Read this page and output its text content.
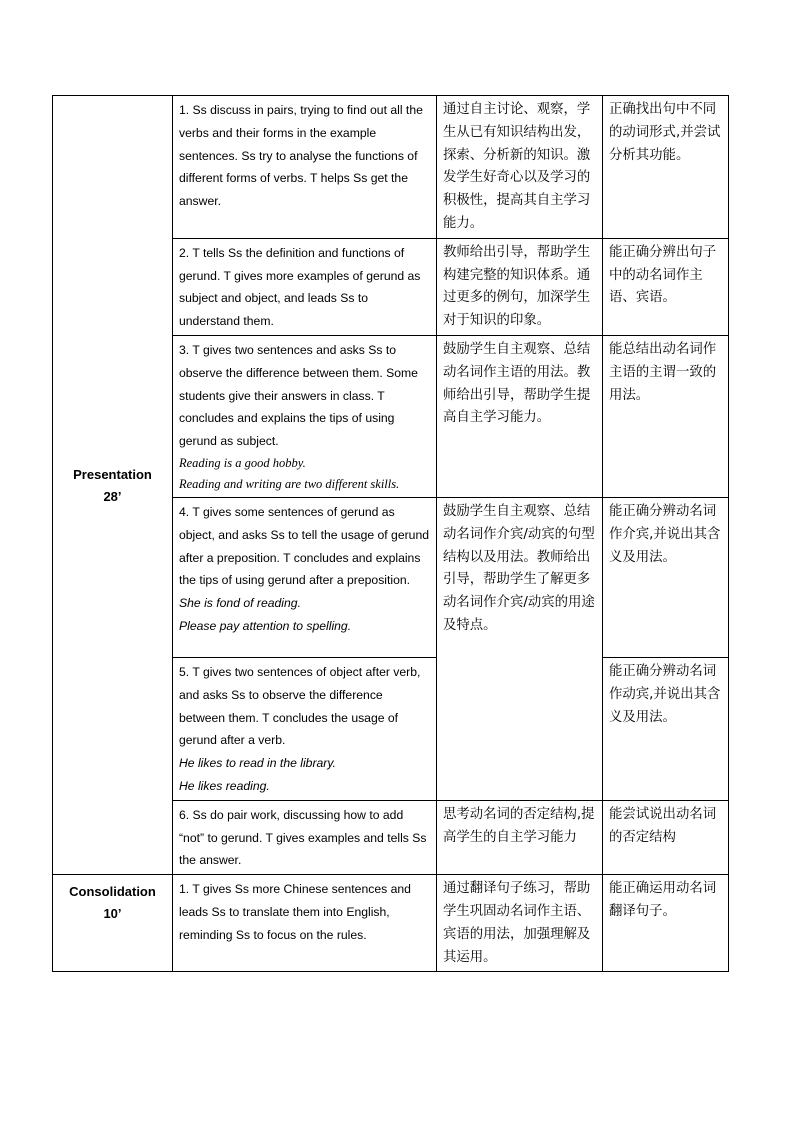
Presentation
28’	1. Ss discuss in pairs, trying to find out all the verbs and their forms in the example sentences. Ss try to analyse the functions of different forms of verbs. T helps Ss get the answer.	通过自主讨论、观察，学生从已有知识结构出发，探索、分析新的知识。激发学生好奇心以及学习的积极性，提高其自主学习能力。	正确找出句中不同的动词形式,并尝试分析其功能。
	2. T tells Ss the definition and functions of gerund. T gives more examples of gerund as subject and object, and leads Ss to understand them.	教师给出引导，帮助学生构建完整的知识体系。通过更多的例句，加深学生对于知识的印象。	能正确分辨出句子中的动名词作主语、宾语。
	3. T gives two sentences and asks Ss to observe the difference between them. Some students give their answers in class. T concludes and explains the tips of using gerund as subject.
Reading is a good hobby.
Reading and writing are two different skills.	鼓励学生自主观察、总结动名词作主语的用法。教师给出引导，帮助学生提高自主学习能力。	能总结出动名词作主语的主谓一致的用法。
	4. T gives some sentences of gerund as object, and asks Ss to tell the usage of gerund after a preposition. T concludes and explains the tips of using gerund after a preposition.
She is fond of reading.
Please pay attention to spelling.	鼓励学生自主观察、总结动名词作介宾/动宾的句型结构以及用法。教师给出引导，帮助学生了解更多动名词作介宾/动宾的用途及特点。	能正确分辨动名词作介宾,并说出其含义及用法。
	5. T gives two sentences of object after verb, and asks Ss to observe the difference between them. T concludes the usage of gerund after a verb.
He likes to read in the library.
He likes reading.		能正确分辨动名词作动宾,并说出其含义及用法。
	6. Ss do pair work, discussing how to add “not” to gerund. T gives examples and tells Ss the answer.	思考动名词的否定结构,提高学生的自主学习能力	能尝试说出动名词的否定结构

Consolidation
10’	1. T gives Ss more Chinese sentences and leads Ss to translate them into English, reminding Ss to focus on the rules.	通过翻译句子练习，帮助学生巩固动名词作主语、宾语的用法，加强理解及其运用。	能正确运用动名词翻译句子。
